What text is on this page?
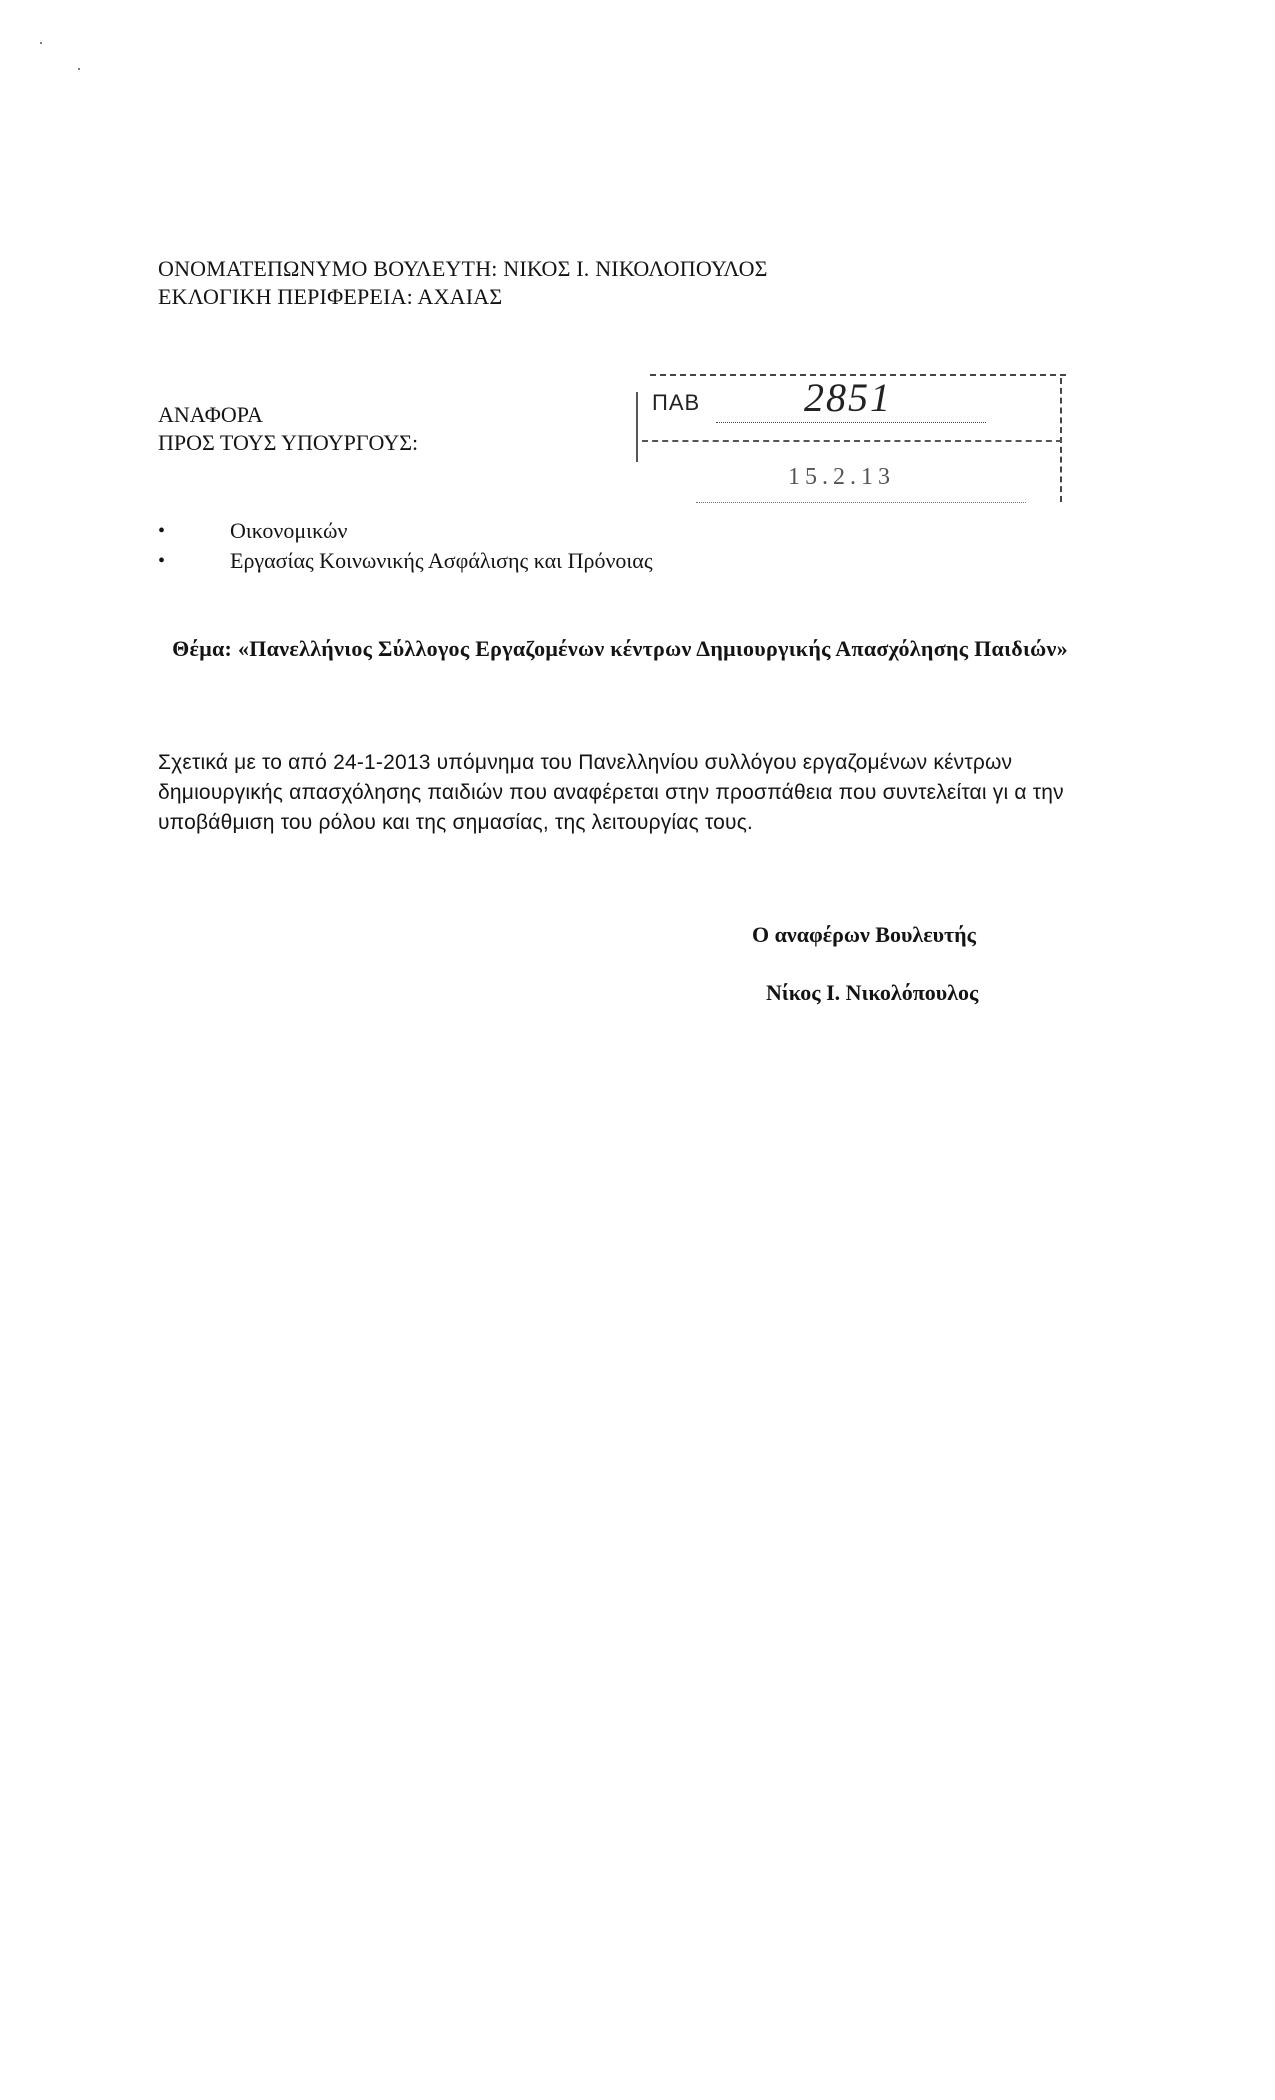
ΟΝΟΜΑΤΕΠΩΝΥΜΟ ΒΟΥΛΕΥΤΗ: ΝΙΚΟΣ Ι. ΝΙΚΟΛΟΠΟΥΛΟΣ
ΕΚΛΟΓΙΚΗ ΠΕΡΙΦΕΡΕΙΑ: ΑΧΑΙΑΣ
ΑΝΑΦΟΡΑ
ΠΡΟΣ ΤΟΥΣ ΥΠΟΥΡΓΟΥΣ:
ΠΑΒ	2851
15.2.13
•	Οικονομικών
•	Εργασίας Κοινωνικής Ασφάλισης και Πρόνοιας
Θέμα: «Πανελλήνιος Σύλλογος Εργαζομένων κέντρων Δημιουργικής Απασχόλησης Παιδιών»
Σχετικά με το από 24-1-2013 υπόμνημα του Πανελληνίου συλλόγου εργαζομένων κέντρων δημιουργικής απασχόλησης παιδιών που αναφέρεται στην προσπάθεια που συντελείται γι α την υποβάθμιση του ρόλου και της σημασίας, της λειτουργίας τους.
Ο αναφέρων Βουλευτής
Νίκος Ι. Νικολόπουλος
